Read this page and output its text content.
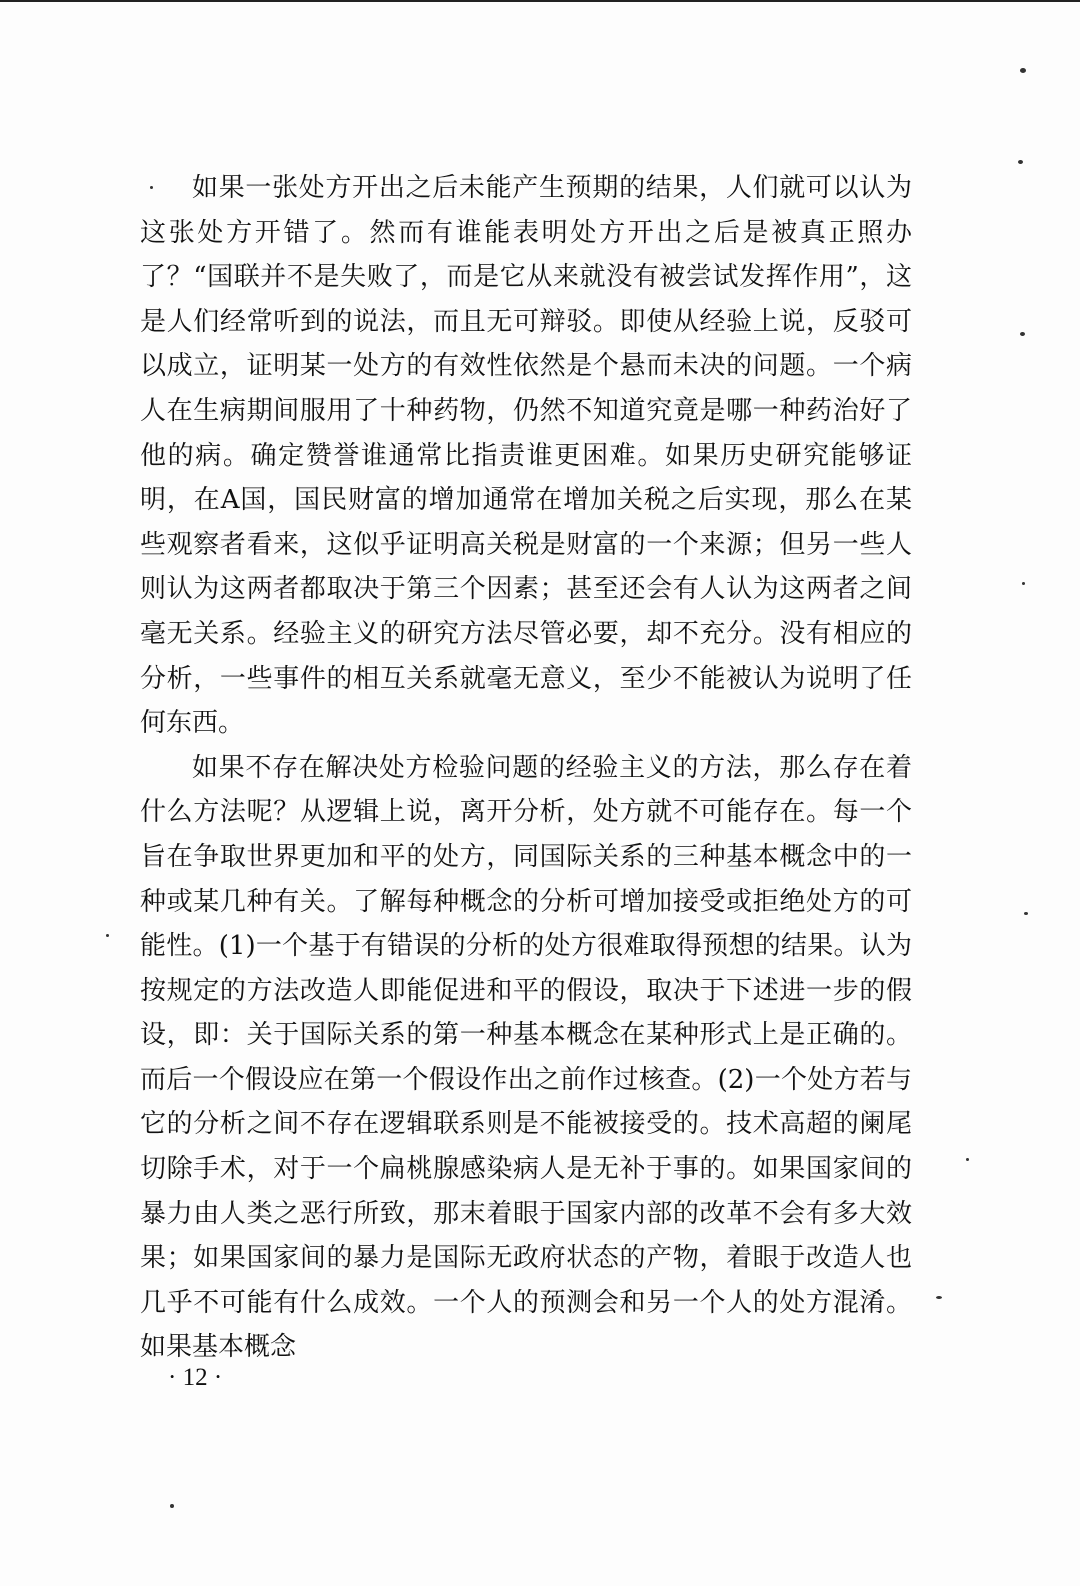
如果一张处方开出之后未能产生预期的结果，人们就可以认为这张处方开错了。然而有谁能表明处方开出之后是被真正照办了？“国联并不是失败了，而是它从来就没有被尝试发挥作用”，这是人们经常听到的说法，而且无可辩驳。即使从经验上说，反驳可以成立，证明某一处方的有效性依然是个悬而未决的问题。一个病人在生病期间服用了十种药物，仍然不知道究竟是哪一种药治好了他的病。确定赞誉谁通常比指责谁更困难。如果历史研究能够证明，在A国，国民财富的增加通常在增加关税之后实现，那么在某些观察者看来，这似乎证明高关税是财富的一个来源；但另一些人则认为这两者都取决于第三个因素；甚至还会有人认为这两者之间毫无关系。经验主义的研究方法尽管必要，却不充分。没有相应的分析，一些事件的相互关系就毫无意义，至少不能被认为说明了任何东西。

如果不存在解决处方检验问题的经验主义的方法，那么存在着什么方法呢？从逻辑上说，离开分析，处方就不可能存在。每一个旨在争取世界更加和平的处方，同国际关系的三种基本概念中的一种或某几种有关。了解每种概念的分析可增加接受或拒绝处方的可能性。(1)一个基于有错误的分析的处方很难取得预想的结果。认为按规定的方法改造人即能促进和平的假设，取决于下述进一步的假设，即：关于国际关系的第一种基本概念在某种形式上是正确的。而后一个假设应在第一个假设作出之前作过核查。(2)一个处方若与它的分析之间不存在逻辑联系则是不能被接受的。技术高超的阑尾切除手术，对于一个扁桃腺感染病人是无补于事的。如果国家间的暴力由人类之恶行所致，那末着眼于国家内部的改革不会有多大效果；如果国家间的暴力是国际无政府状态的产物，着眼于改造人也几乎不可能有什么成效。一个人的预测会和另一个人的处方混淆。如果基本概念

· 12 ·
